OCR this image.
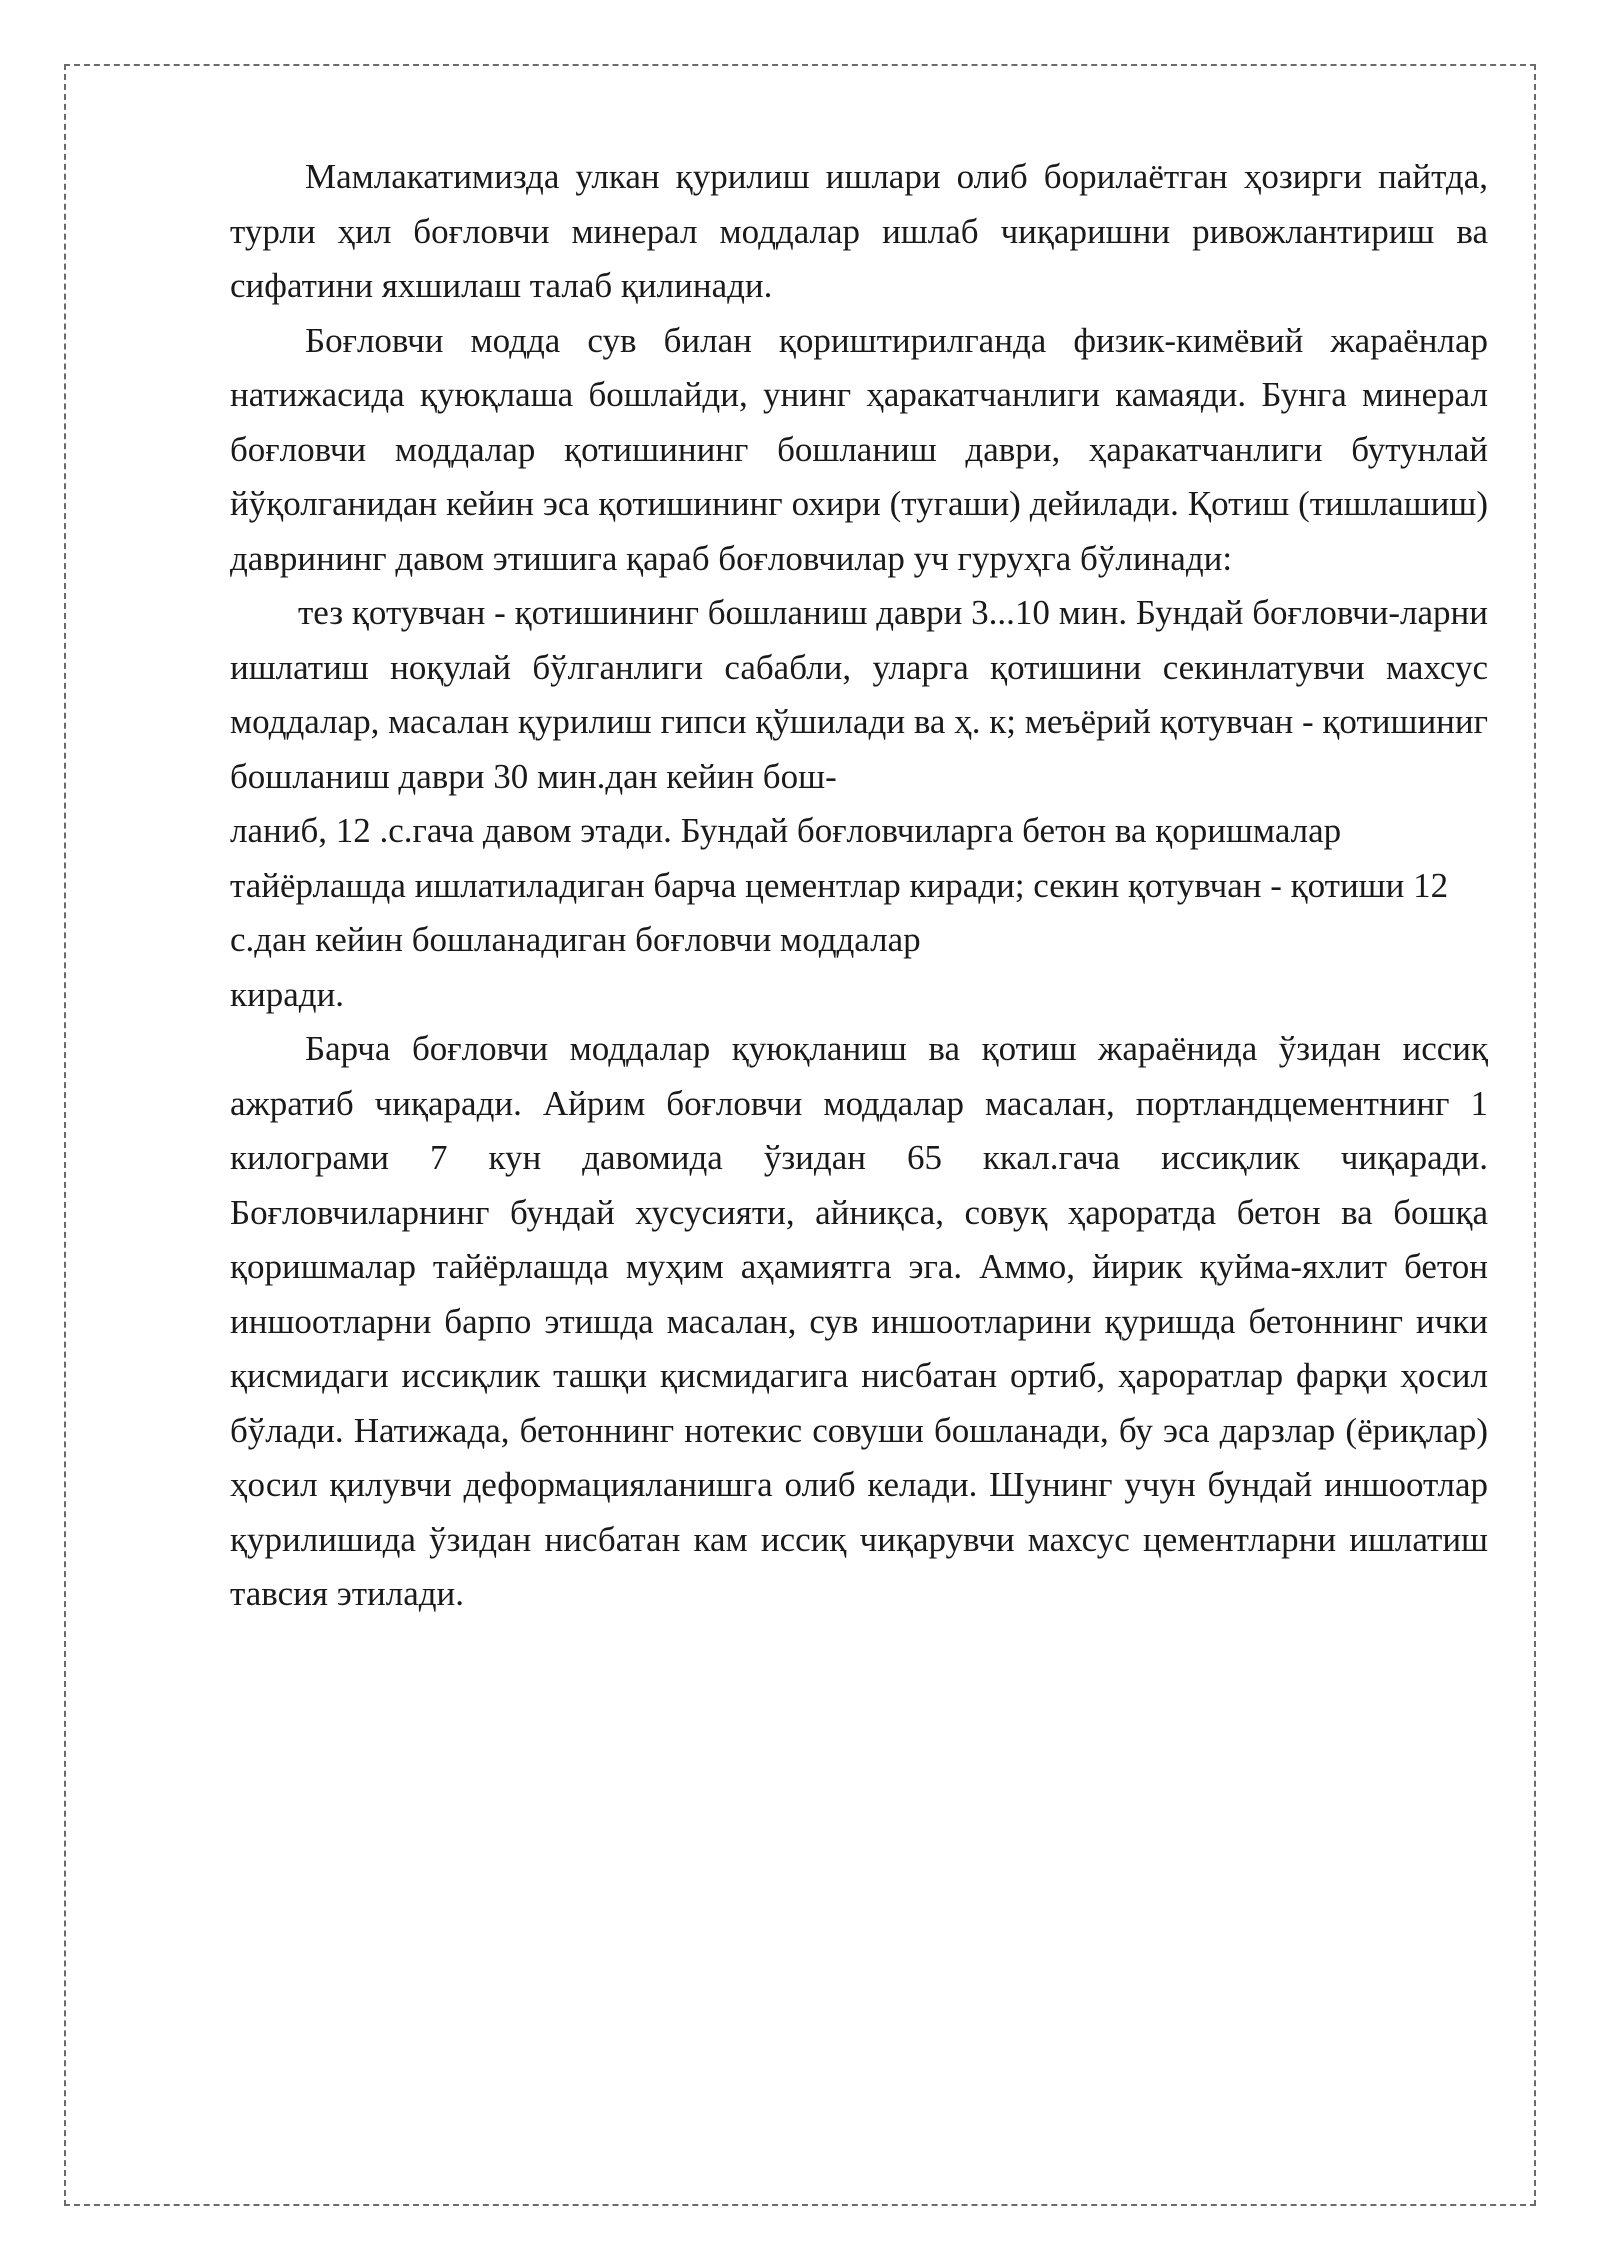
Мамлакатимизда улкан қурилиш ишлари олиб борилаётган ҳозирги пайтда, турли ҳил боғловчи минерал моддалар ишлаб чиқаришни ривожлантириш ва сифатини яхшилаш талаб қилинади.

Боғловчи модда сув билан қориштирилганда физик-кимёвий жараёнлар натижасида қуюқлаша бошлайди, унинг ҳаракатчанлиги камаяди. Бунга минерал боғловчи моддалар қотишининг бошланиш даври, ҳаракатчанлиги бутунлай йўқолганидан кейин эса қотишининг охири (тугаши) дейилади. Қотиш (тишлашиш) даврининг давом этишига қараб боғловчилар уч гуруҳга бўлинади:

тез қотувчан - қотишининг бошланиш даври 3...10 мин. Бундай боғловчи-ларни ишлатиш ноқулай бўлганлиги сабабли, уларга қотишини секинлатувчи махсус моддалар, масалан қурилиш гипси қўшилади ва ҳ. к; меъёрий қотувчан - қотишиниг бошланиш даври 30 мин.дан кейин бош-

ланиб, 12 .с.гача давом этади. Бундай боғловчиларга бетон ва қоришмалар тайёрлашда ишлатиладиган барча цементлар киради; секин қотувчан - қотиши 12 с.дан кейин бошланадиган боғловчи моддалар

киради.

Барча боғловчи моддалар қуюқланиш ва қотиш жараёнида ўзидан иссиқ ажратиб чиқаради. Айрим боғловчи моддалар масалан, портландцементнинг 1 килограми 7 кун давомида ўзидан 65 ккал.гача иссиқлик чиқаради. Боғловчиларнинг бундай хусусияти, айниқса, совуқ ҳароратда бетон ва бошқа қоришмалар тайёрлашда муҳим аҳамиятга эга. Аммо, йирик қуйма-яхлит бетон иншоотларни барпо этишда масалан, сув иншоотларини қуришда бетоннинг ички қисмидаги иссиқлик ташқи қисмидагига нисбатан ортиб, ҳароратлар фарқи ҳосил бўлади. Натижада, бетоннинг нотекис совуши бошланади, бу эса дарзлар (ёриқлар) ҳосил қилувчи деформацияланишга олиб келади. Шунинг учун бундай иншоотлар қурилишида ўзидан нисбатан кам иссиқ чиқарувчи махсус цементларни ишлатиш тавсия этилади.
